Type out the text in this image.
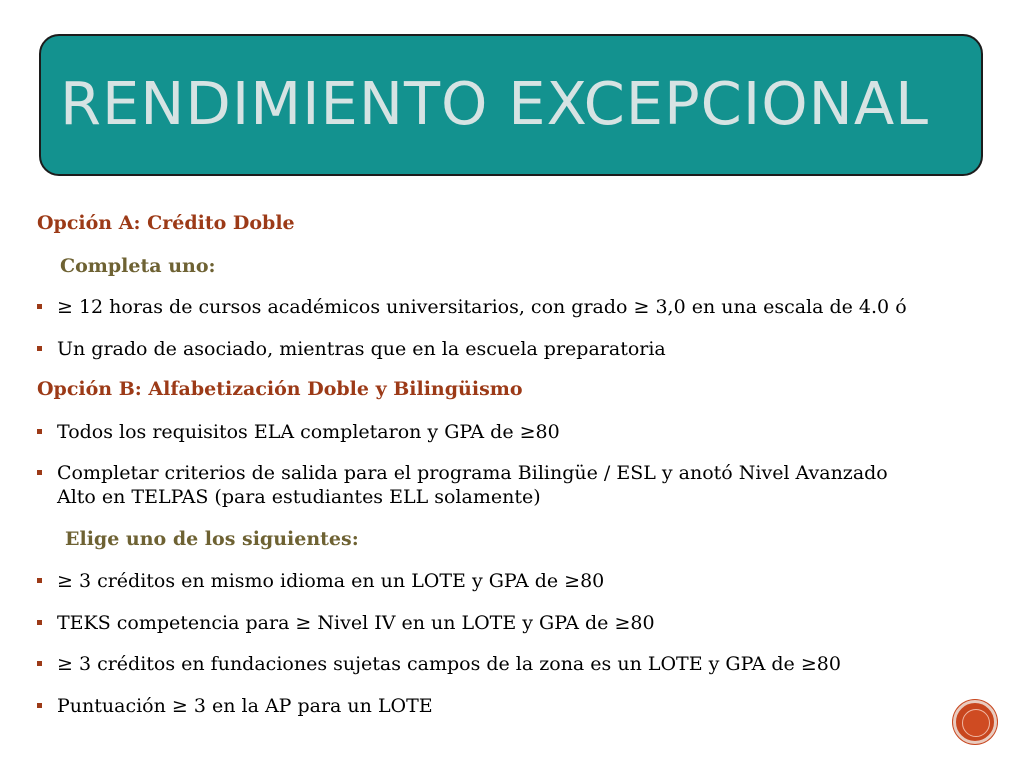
RENDIMIENTO EXCEPCIONAL
Opción A: Crédito Doble
Completa uno:
≥ 12 horas de cursos académicos universitarios, con grado ≥ 3,0 en una escala de 4.0 ó
Un grado de asociado, mientras que en la escuela preparatoria
Opción B: Alfabetización Doble y Bilingüismo
Todos los requisitos ELA completaron y GPA de ≥80
Completar criterios de salida para el programa Bilingüe / ESL y anotó Nivel Avanzado
Alto en TELPAS (para estudiantes ELL solamente)
Elige uno de los siguientes:
≥ 3 créditos en mismo idioma en un LOTE y GPA de ≥80
TEKS competencia para ≥ Nivel IV en un LOTE y GPA de ≥80
≥ 3 créditos en fundaciones sujetas campos de la zona es un LOTE y GPA de ≥80
Puntuación ≥ 3 en la AP para un LOTE
